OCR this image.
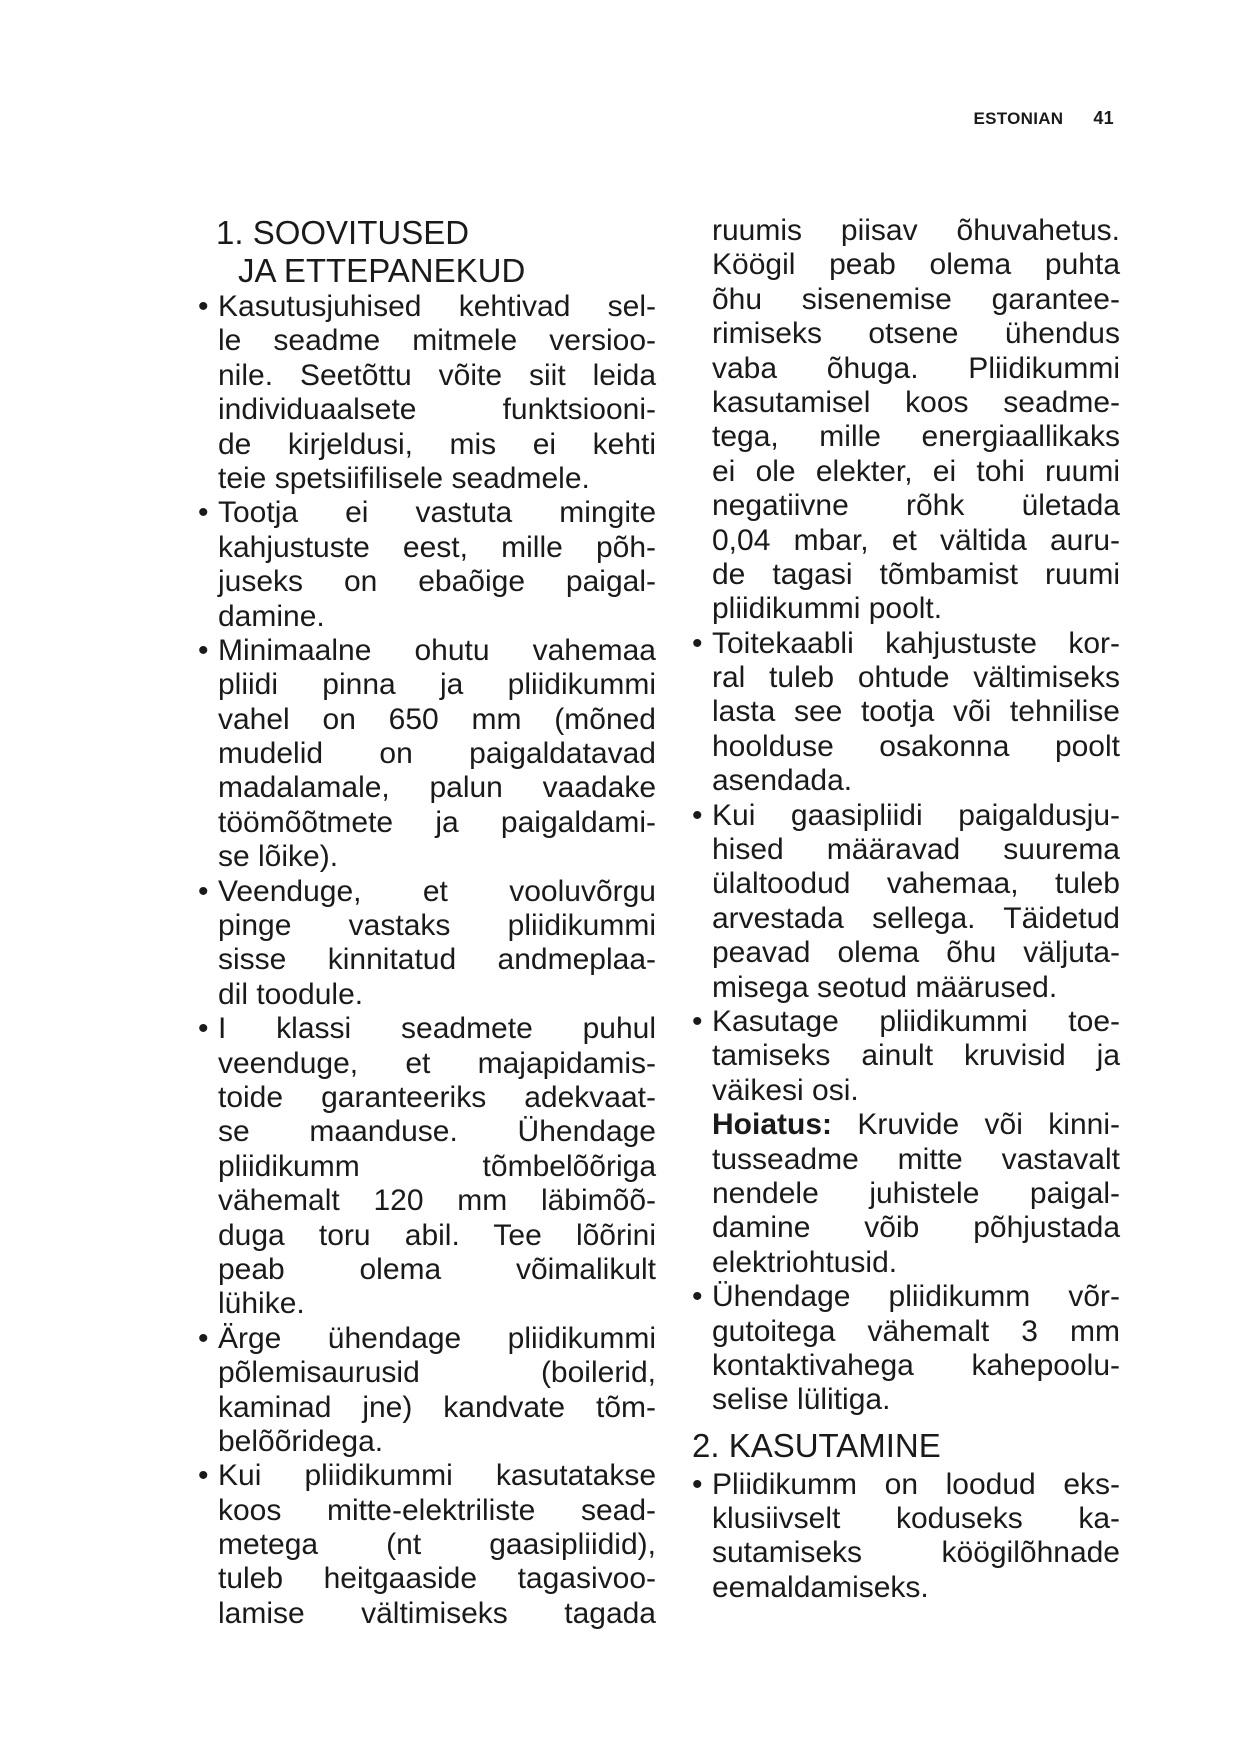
ESTONIAN 41
1. SOOVITUSED
JA ETTEPANEKUD
• Kasutusjuhised kehtivad sel-
le seadme mitmele versioo-
nile. Seetõttu võite siit leida
individuaalsete funktsiooni-
de kirjeldusi, mis ei kehti
teie spetsiifilisele seadmele.
• Tootja ei vastuta mingite
kahjustuste eest, mille põh-
juseks on ebaõige paigal-
damine.
• Minimaalne ohutu vahemaa
pliidi pinna ja pliidikummi
vahel on 650 mm (mõned
mudelid on paigaldatavad
madalamale, palun vaadake
töömõõtmete ja paigaldami-
se lõike).
• Veenduge, et vooluvõrgu
pinge vastaks pliidikummi
sisse kinnitatud andmeplaa-
dil toodule.
• I klassi seadmete puhul
veenduge, et majapidamis-
toide garanteeriks adekvaat-
se maanduse. Ühendage
pliidikumm tõmbelõõriga
vähemalt 120 mm läbimõõ-
duga toru abil. Tee lõõrini
peab olema võimalikult
lühike.
• Ärge ühendage pliidikummi
põlemisaurusid (boilerid,
kaminad jne) kandvate tõm-
belõõridega.
• Kui pliidikummi kasutatakse
koos mitte-elektriliste sead-
metega (nt gaasipliidid),
tuleb heitgaaside tagasivoo-
lamise vältimiseks tagada
ruumis piisav õhuvahetus.
Köögil peab olema puhta
õhu sisenemise garantee-
rimiseks otsene ühendus
vaba õhuga. Pliidikummi
kasutamisel koos seadme-
tega, mille energiaallikaks
ei ole elekter, ei tohi ruumi
negatiivne rõhk ületada
0,04 mbar, et vältida auru-
de tagasi tõmbamist ruumi
pliidikummi poolt.
• Toitekaabli kahjustuste kor-
ral tuleb ohtude vältimiseks
lasta see tootja või tehnilise
hoolduse osakonna poolt
asendada.
• Kui gaasipliidi paigaldusju-
hised määravad suurema
ülaltoodud vahemaa, tuleb
arvestada sellega. Täidetud
peavad olema õhu väljuta-
misega seotud määrused.
• Kasutage pliidikummi toe-
tamiseks ainult kruvisid ja
väikesi osi.
Hoiatus: Kruvide või kinni-
tusseadme mitte vastavalt
nendele juhistele paigal-
damine võib põhjustada
elektriohtusid.
• Ühendage pliidikumm võr-
gutoitega vähemalt 3 mm
kontaktivahega kahepoolu-
selise lülitiga.
2. KASUTAMINE
• Pliidikumm on loodud eks-
klusiivselt koduseks ka-
sutamiseks köögilõhnade
eemaldamiseks.
